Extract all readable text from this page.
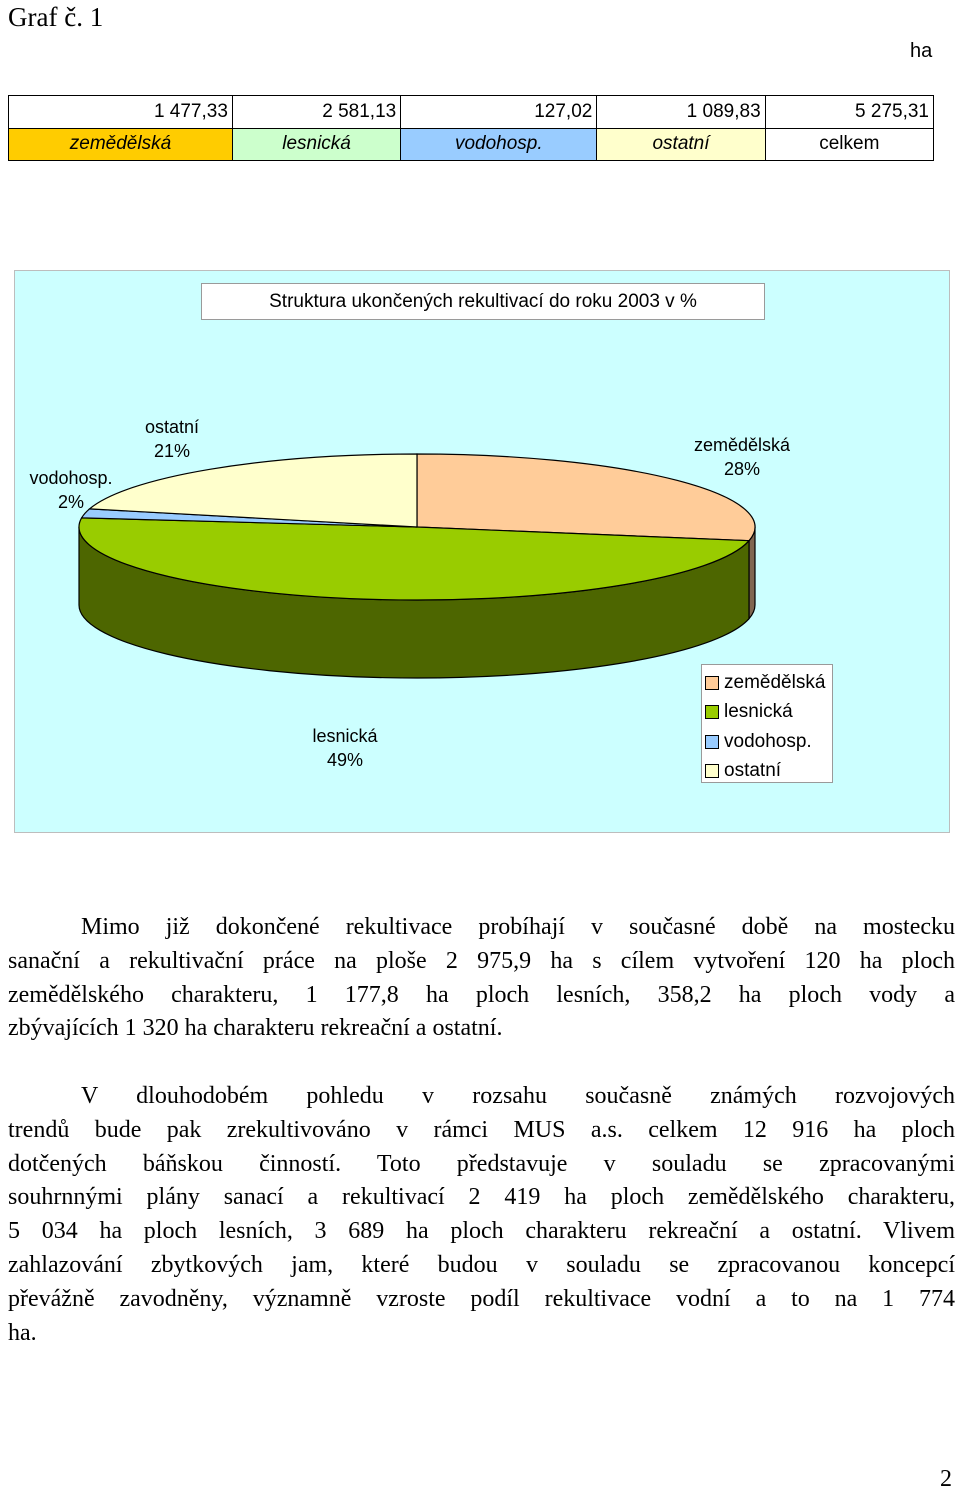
Graf č. 1
ha
1 477,33	2 581,13	127,02	1 089,83	5 275,31
zemědělská	lesnická	vodohosp.	ostatní	celkem
Struktura ukončených rekultivací do roku 2003 v %
ostatní
21%
vodohosp.
2%
zemědělská
28%
lesnická
49%
zemědělská
lesnická
vodohosp.
ostatní
Mimo již dokončené rekultivace probíhají v současné době na mostecku
sanační a rekultivační práce na ploše 2 975,9 ha s cílem vytvoření 120 ha ploch
zemědělského charakteru, 1 177,8 ha ploch lesních, 358,2 ha ploch vody a
zbývajících 1 320 ha charakteru rekreační a ostatní.
V dlouhodobém pohledu v rozsahu současně známých rozvojových
trendů bude pak zrekultivováno v rámci MUS a.s. celkem 12 916 ha ploch
dotčených báňskou činností. Toto představuje v souladu se zpracovanými
souhrnnými plány sanací a rekultivací 2 419 ha ploch zemědělského charakteru,
5 034 ha ploch lesních, 3 689 ha ploch charakteru rekreační a ostatní. Vlivem
zahlazování zbytkových jam, které budou v souladu se zpracovanou koncepcí
převážně zavodněny, významně vzroste podíl rekultivace vodní a to na 1 774
ha.
2
